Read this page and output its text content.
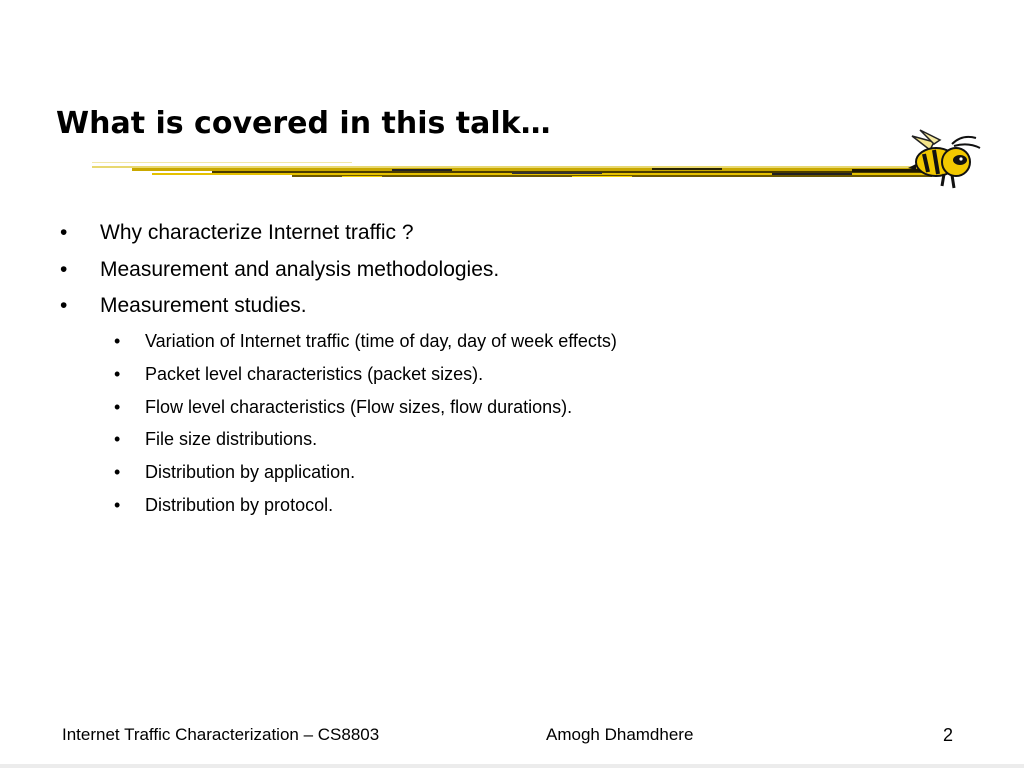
What is covered in this talk…
• Why characterize Internet traffic ?
• Measurement and analysis methodologies.
• Measurement studies.
• Variation of Internet traffic (time of day, day of week effects)
• Packet level characteristics (packet sizes).
• Flow level characteristics (Flow sizes, flow durations).
• File size distributions.
• Distribution by application.
• Distribution by protocol.
Internet Traffic Characterization – CS8803	Amogh Dhamdhere	2
